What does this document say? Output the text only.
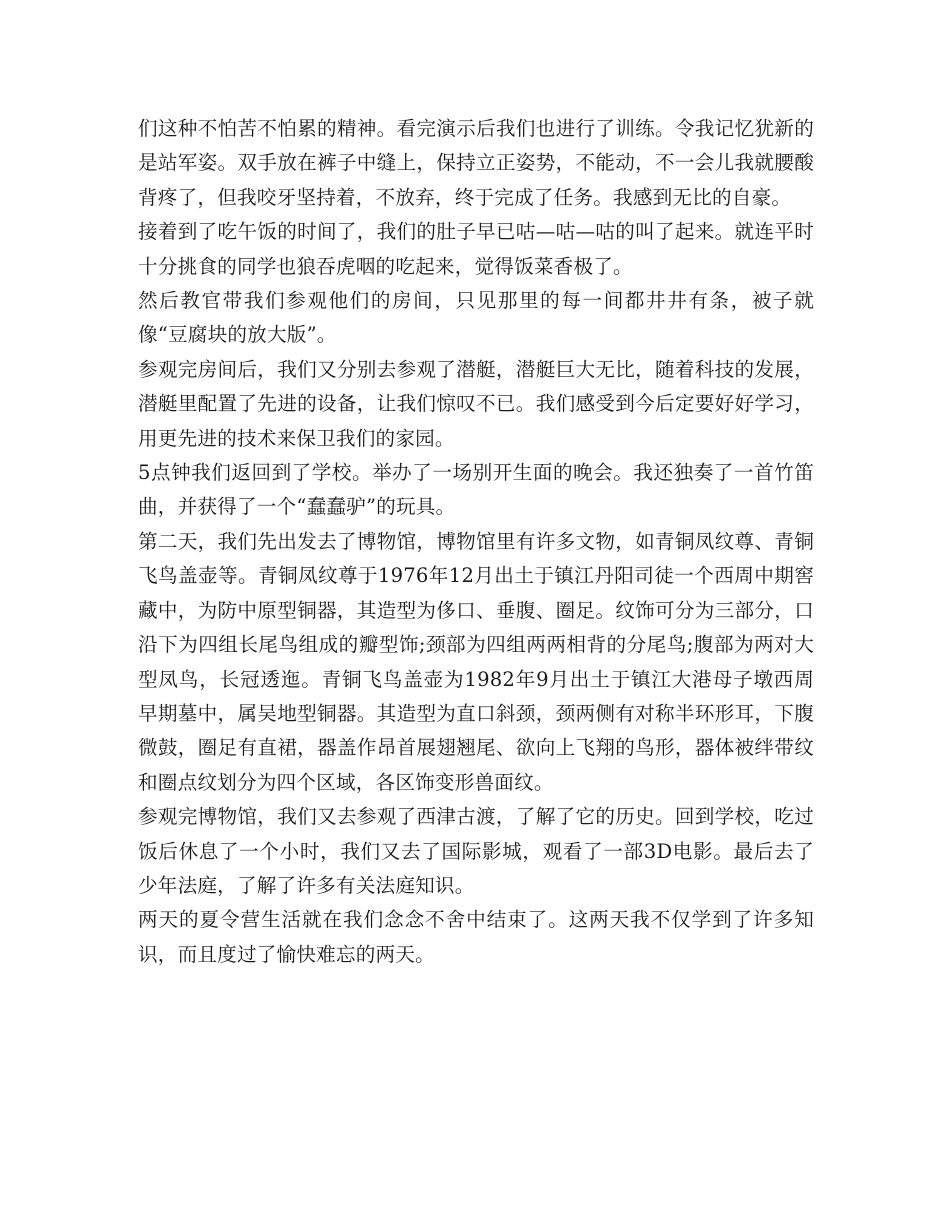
们这种不怕苦不怕累的精神。看完演示后我们也进行了训练。令我记忆犹新的是站军姿。双手放在裤子中缝上，保持立正姿势，不能动，不一会儿我就腰酸背疼了，但我咬牙坚持着，不放弃，终于完成了任务。我感到无比的自豪。

接着到了吃午饭的时间了，我们的肚子早已咕—咕—咕的叫了起来。就连平时十分挑食的同学也狼吞虎咽的吃起来，觉得饭菜香极了。

然后教官带我们参观他们的房间，只见那里的每一间都井井有条，被子就像“豆腐块的放大版”。

参观完房间后，我们又分别去参观了潜艇，潜艇巨大无比，随着科技的发展，潜艇里配置了先进的设备，让我们惊叹不已。我们感受到今后定要好好学习，用更先进的技术来保卫我们的家园。

5点钟我们返回到了学校。举办了一场别开生面的晚会。我还独奏了一首竹笛曲，并获得了一个“蠢蠢驴”的玩具。

第二天，我们先出发去了博物馆，博物馆里有许多文物，如青铜凤纹尊、青铜飞鸟盖壶等。青铜凤纹尊于1976年12月出土于镇江丹阳司徒一个西周中期窖藏中，为防中原型铜器，其造型为侈口、垂腹、圈足。纹饰可分为三部分，口沿下为四组长尾鸟组成的瓣型饰;颈部为四组两两相背的分尾鸟;腹部为两对大型凤鸟，长冠透迤。青铜飞鸟盖壶为1982年9月出土于镇江大港母子墩西周早期墓中，属吴地型铜器。其造型为直口斜颈，颈两侧有对称半环形耳，下腹微鼓，圈足有直裙，器盖作昂首展翅翘尾、欲向上飞翔的鸟形，器体被绊带纹和圈点纹划分为四个区域，各区饰变形兽面纹。

参观完博物馆，我们又去参观了西津古渡，了解了它的历史。回到学校，吃过饭后休息了一个小时，我们又去了国际影城，观看了一部3D电影。最后去了少年法庭，了解了许多有关法庭知识。

两天的夏令营生活就在我们念念不舍中结束了。这两天我不仅学到了许多知识，而且度过了愉快难忘的两天。
